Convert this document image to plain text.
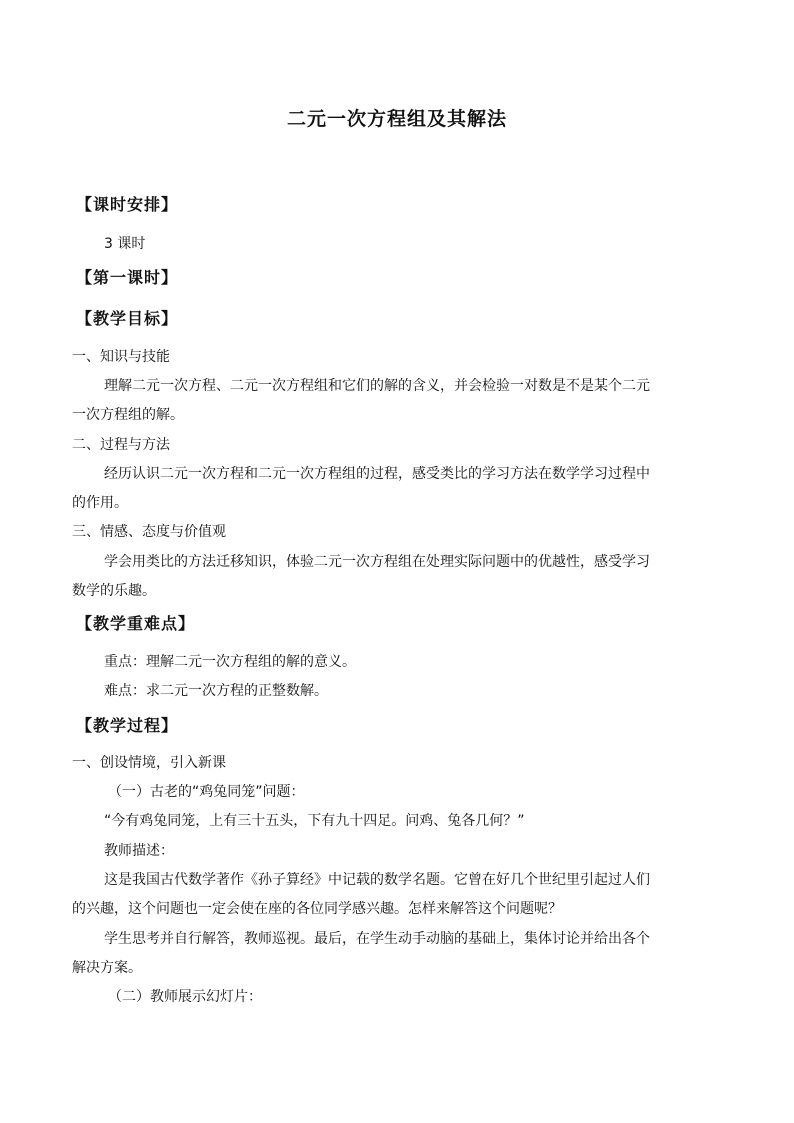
二元一次方程组及其解法
【课时安排】
3 课时
【第一课时】
【教学目标】
一、知识与技能
理解二元一次方程、二元一次方程组和它们的解的含义，并会检验一对数是不是某个二元
一次方程组的解。
二、过程与方法
经历认识二元一次方程和二元一次方程组的过程，感受类比的学习方法在数学学习过程中
的作用。
三、情感、态度与价值观
学会用类比的方法迁移知识，体验二元一次方程组在处理实际问题中的优越性，感受学习
数学的乐趣。
【教学重难点】
重点：理解二元一次方程组的解的意义。
难点：求二元一次方程的正整数解。
【教学过程】
一、创设情境，引入新课
（一）古老的“鸡兔同笼”问题：
“今有鸡兔同笼，上有三十五头，下有九十四足。问鸡、兔各几何？”
教师描述：
这是我国古代数学著作《孙子算经》中记载的数学名题。它曾在好几个世纪里引起过人们
的兴趣，这个问题也一定会使在座的各位同学感兴趣。怎样来解答这个问题呢？
学生思考并自行解答，教师巡视。最后，在学生动手动脑的基础上，集体讨论并给出各个
解决方案。
（二）教师展示幻灯片：
